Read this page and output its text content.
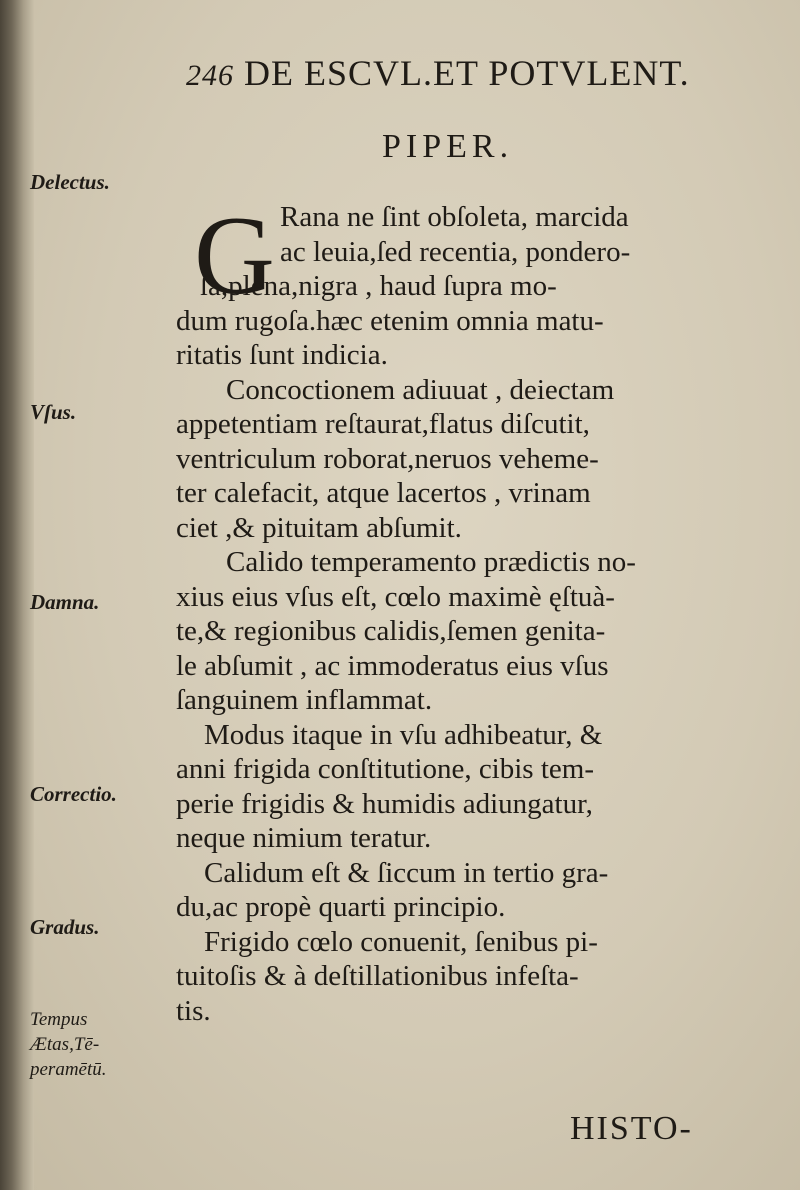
246 DE ESCVL.ET POTVLENT.
PIPER.
G Rana ne ſint obſoleta, marcida
ac leuia,ſed recentia, pondero-
ſa,plena,nigra , haud ſupra mo-
dum rugoſa.hæc etenim omnia matu-
ritatis ſunt indicia.
Concoctionem adiuuat , deiectam
appetentiam reſtaurat,flatus diſcutit,
ventriculum roborat,neruos veheme-
ter calefacit, atque lacertos , vrinam
ciet ,& pituitam abſumit.
Calido temperamento prædictis no-
xius eius vſus eſt, cœlo maximè ęſtuà-
te,& regionibus calidis,ſemen genita-
le abſumit , ac immoderatus eius vſus
ſanguinem inflammat.
Modus itaque in vſu adhibeatur, &
anni frigida conſtitutione, cibis tem-
perie frigidis & humidis adiungatur,
neque nimium teratur.
Calidum eſt & ſiccum in tertio gra-
du,ac propè quarti principio.
Frigido cœlo conuenit, ſenibus pi-
tuitoſis & à deſtillationibus infeſta-
tis.
Delectus.
Vſus.
Damna.
Correctio.
Gradus.
Tempus
Ætas,Tē-
peramētū.
HISTO-
